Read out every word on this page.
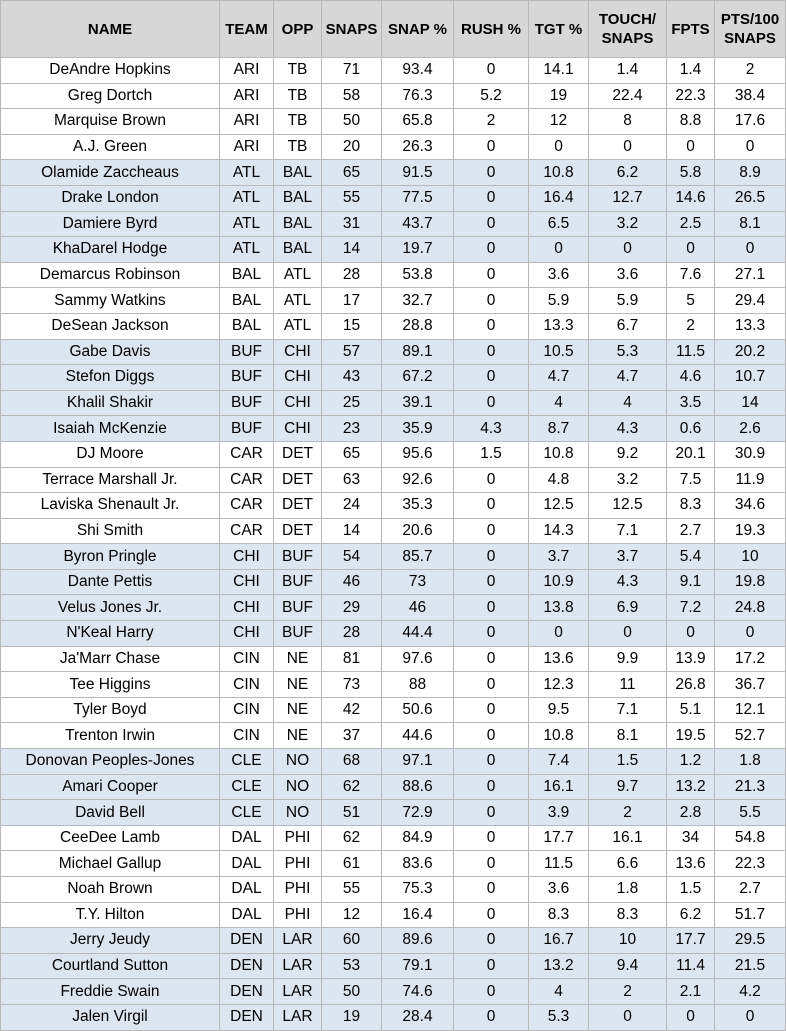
NAME	TEAM	OPP	SNAPS	SNAP %	RUSH %	TGT %	TOUCH/ SNAPS	FPTS	PTS/100 SNAPS
DeAndre Hopkins	ARI	TB	71	93.4	0	14.1	1.4	1.4	2
Greg Dortch	ARI	TB	58	76.3	5.2	19	22.4	22.3	38.4
Marquise Brown	ARI	TB	50	65.8	2	12	8	8.8	17.6
A.J. Green	ARI	TB	20	26.3	0	0	0	0	0
Olamide Zaccheaus	ATL	BAL	65	91.5	0	10.8	6.2	5.8	8.9
Drake London	ATL	BAL	55	77.5	0	16.4	12.7	14.6	26.5
Damiere Byrd	ATL	BAL	31	43.7	0	6.5	3.2	2.5	8.1
KhaDarel Hodge	ATL	BAL	14	19.7	0	0	0	0	0
Demarcus Robinson	BAL	ATL	28	53.8	0	3.6	3.6	7.6	27.1
Sammy Watkins	BAL	ATL	17	32.7	0	5.9	5.9	5	29.4
DeSean Jackson	BAL	ATL	15	28.8	0	13.3	6.7	2	13.3
Gabe Davis	BUF	CHI	57	89.1	0	10.5	5.3	11.5	20.2
Stefon Diggs	BUF	CHI	43	67.2	0	4.7	4.7	4.6	10.7
Khalil Shakir	BUF	CHI	25	39.1	0	4	4	3.5	14
Isaiah McKenzie	BUF	CHI	23	35.9	4.3	8.7	4.3	0.6	2.6
DJ Moore	CAR	DET	65	95.6	1.5	10.8	9.2	20.1	30.9
Terrace Marshall Jr.	CAR	DET	63	92.6	0	4.8	3.2	7.5	11.9
Laviska Shenault Jr.	CAR	DET	24	35.3	0	12.5	12.5	8.3	34.6
Shi Smith	CAR	DET	14	20.6	0	14.3	7.1	2.7	19.3
Byron Pringle	CHI	BUF	54	85.7	0	3.7	3.7	5.4	10
Dante Pettis	CHI	BUF	46	73	0	10.9	4.3	9.1	19.8
Velus Jones Jr.	CHI	BUF	29	46	0	13.8	6.9	7.2	24.8
N'Keal Harry	CHI	BUF	28	44.4	0	0	0	0	0
Ja'Marr Chase	CIN	NE	81	97.6	0	13.6	9.9	13.9	17.2
Tee Higgins	CIN	NE	73	88	0	12.3	11	26.8	36.7
Tyler Boyd	CIN	NE	42	50.6	0	9.5	7.1	5.1	12.1
Trenton Irwin	CIN	NE	37	44.6	0	10.8	8.1	19.5	52.7
Donovan Peoples-Jones	CLE	NO	68	97.1	0	7.4	1.5	1.2	1.8
Amari Cooper	CLE	NO	62	88.6	0	16.1	9.7	13.2	21.3
David Bell	CLE	NO	51	72.9	0	3.9	2	2.8	5.5
CeeDee Lamb	DAL	PHI	62	84.9	0	17.7	16.1	34	54.8
Michael Gallup	DAL	PHI	61	83.6	0	11.5	6.6	13.6	22.3
Noah Brown	DAL	PHI	55	75.3	0	3.6	1.8	1.5	2.7
T.Y. Hilton	DAL	PHI	12	16.4	0	8.3	8.3	6.2	51.7
Jerry Jeudy	DEN	LAR	60	89.6	0	16.7	10	17.7	29.5
Courtland Sutton	DEN	LAR	53	79.1	0	13.2	9.4	11.4	21.5
Freddie Swain	DEN	LAR	50	74.6	0	4	2	2.1	4.2
Jalen Virgil	DEN	LAR	19	28.4	0	5.3	0	0	0
